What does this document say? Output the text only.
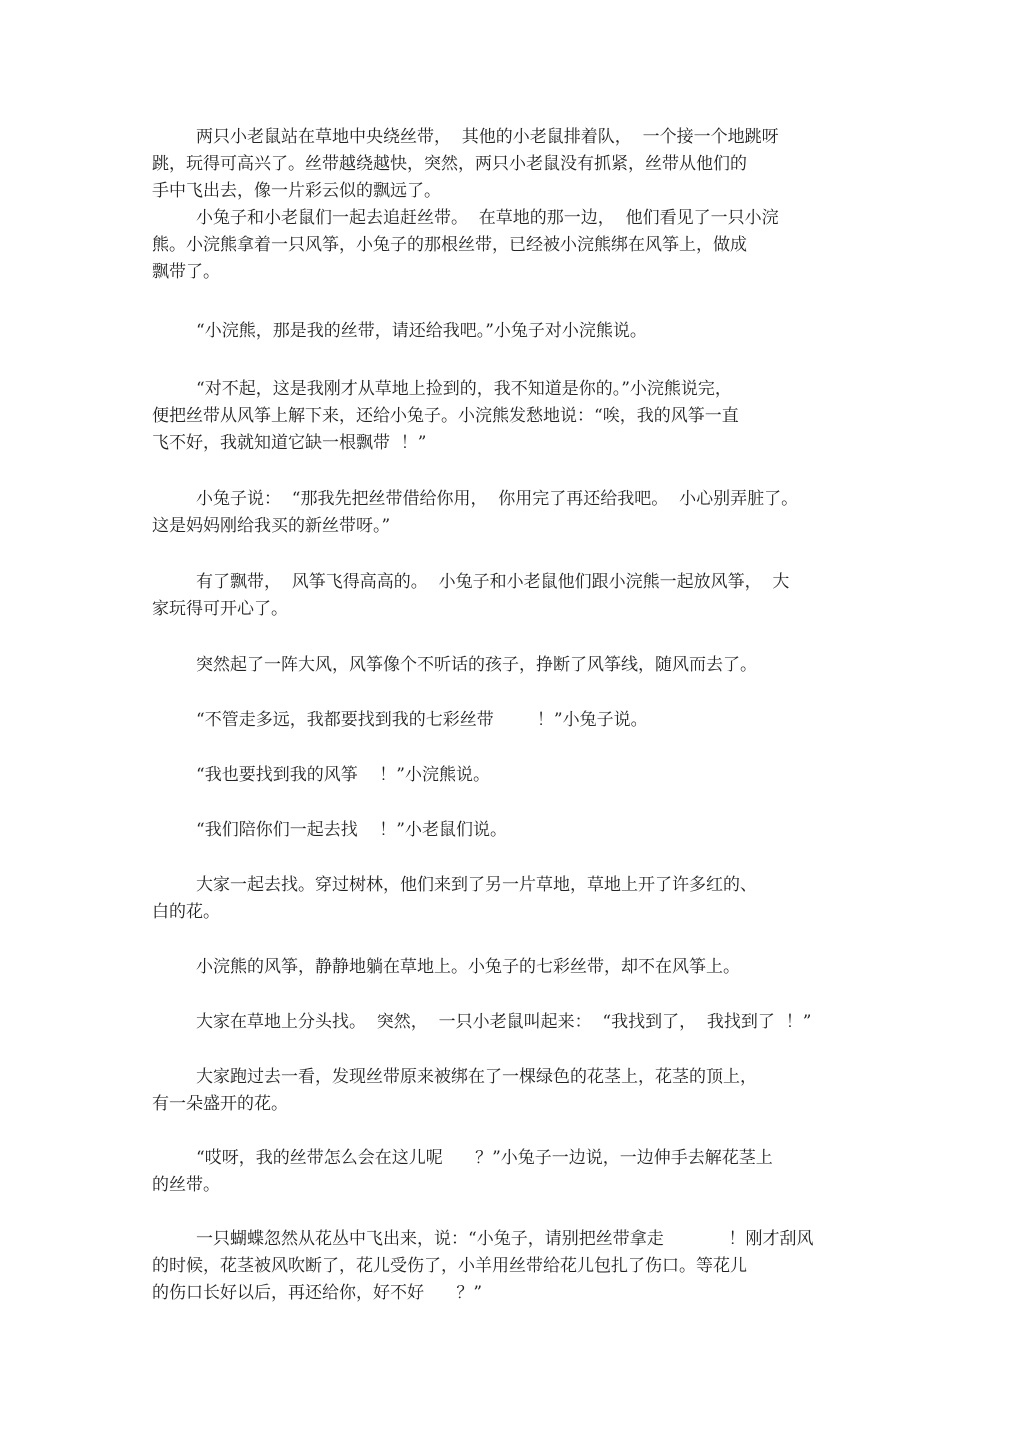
两只小老鼠站在草地中央绕丝带，  其他的小老鼠排着队，  一个接一个地跳呀
跳，玩得可高兴了。丝带越绕越快，突然，两只小老鼠没有抓紧，丝带从他们的
手中飞出去，像一片彩云似的飘远了。
小兔子和小老鼠们一起去追赶丝带。  在草地的那一边，  他们看见了一只小浣
熊。小浣熊拿着一只风筝，小兔子的那根丝带，已经被小浣熊绑在风筝上，做成
飘带了。
“小浣熊，那是我的丝带，请还给我吧。”小兔子对小浣熊说。
“对不起，这是我刚才从草地上捡到的，我不知道是你的。”小浣熊说完，
便把丝带从风筝上解下来，还给小兔子。小浣熊发愁地说：“唉，我的风筝一直
飞不好，我就知道它缺一根飘带  ！”
小兔子说：  “那我先把丝带借给你用，  你用完了再还给我吧。  小心别弄脏了。
这是妈妈刚给我买的新丝带呀。”
有了飘带，  风筝飞得高高的。  小兔子和小老鼠他们跟小浣熊一起放风筝，  大
家玩得可开心了。
突然起了一阵大风，风筝像个不听话的孩子，挣断了风筝线，随风而去了。
“不管走多远，我都要找到我的七彩丝带        ！”小兔子说。
“我也要找到我的风筝    ！”小浣熊说。
“我们陪你们一起去找    ！”小老鼠们说。
大家一起去找。穿过树林，他们来到了另一片草地，草地上开了许多红的、
白的花。
小浣熊的风筝，静静地躺在草地上。小兔子的七彩丝带，却不在风筝上。
大家在草地上分头找。  突然，  一只小老鼠叫起来：  “我找到了，  我找到了  ！”
大家跑过去一看，发现丝带原来被绑在了一棵绿色的花茎上，花茎的顶上，
有一朵盛开的花。
“哎呀，我的丝带怎么会在这儿呢      ？”小兔子一边说，一边伸手去解花茎上
的丝带。
一只蝴蝶忽然从花丛中飞出来，说：“小兔子，请别把丝带拿走            ！刚才刮风
的时候，花茎被风吹断了，花儿受伤了，小羊用丝带给花儿包扎了伤口。等花儿
的伤口长好以后，再还给你，好不好      ？”
